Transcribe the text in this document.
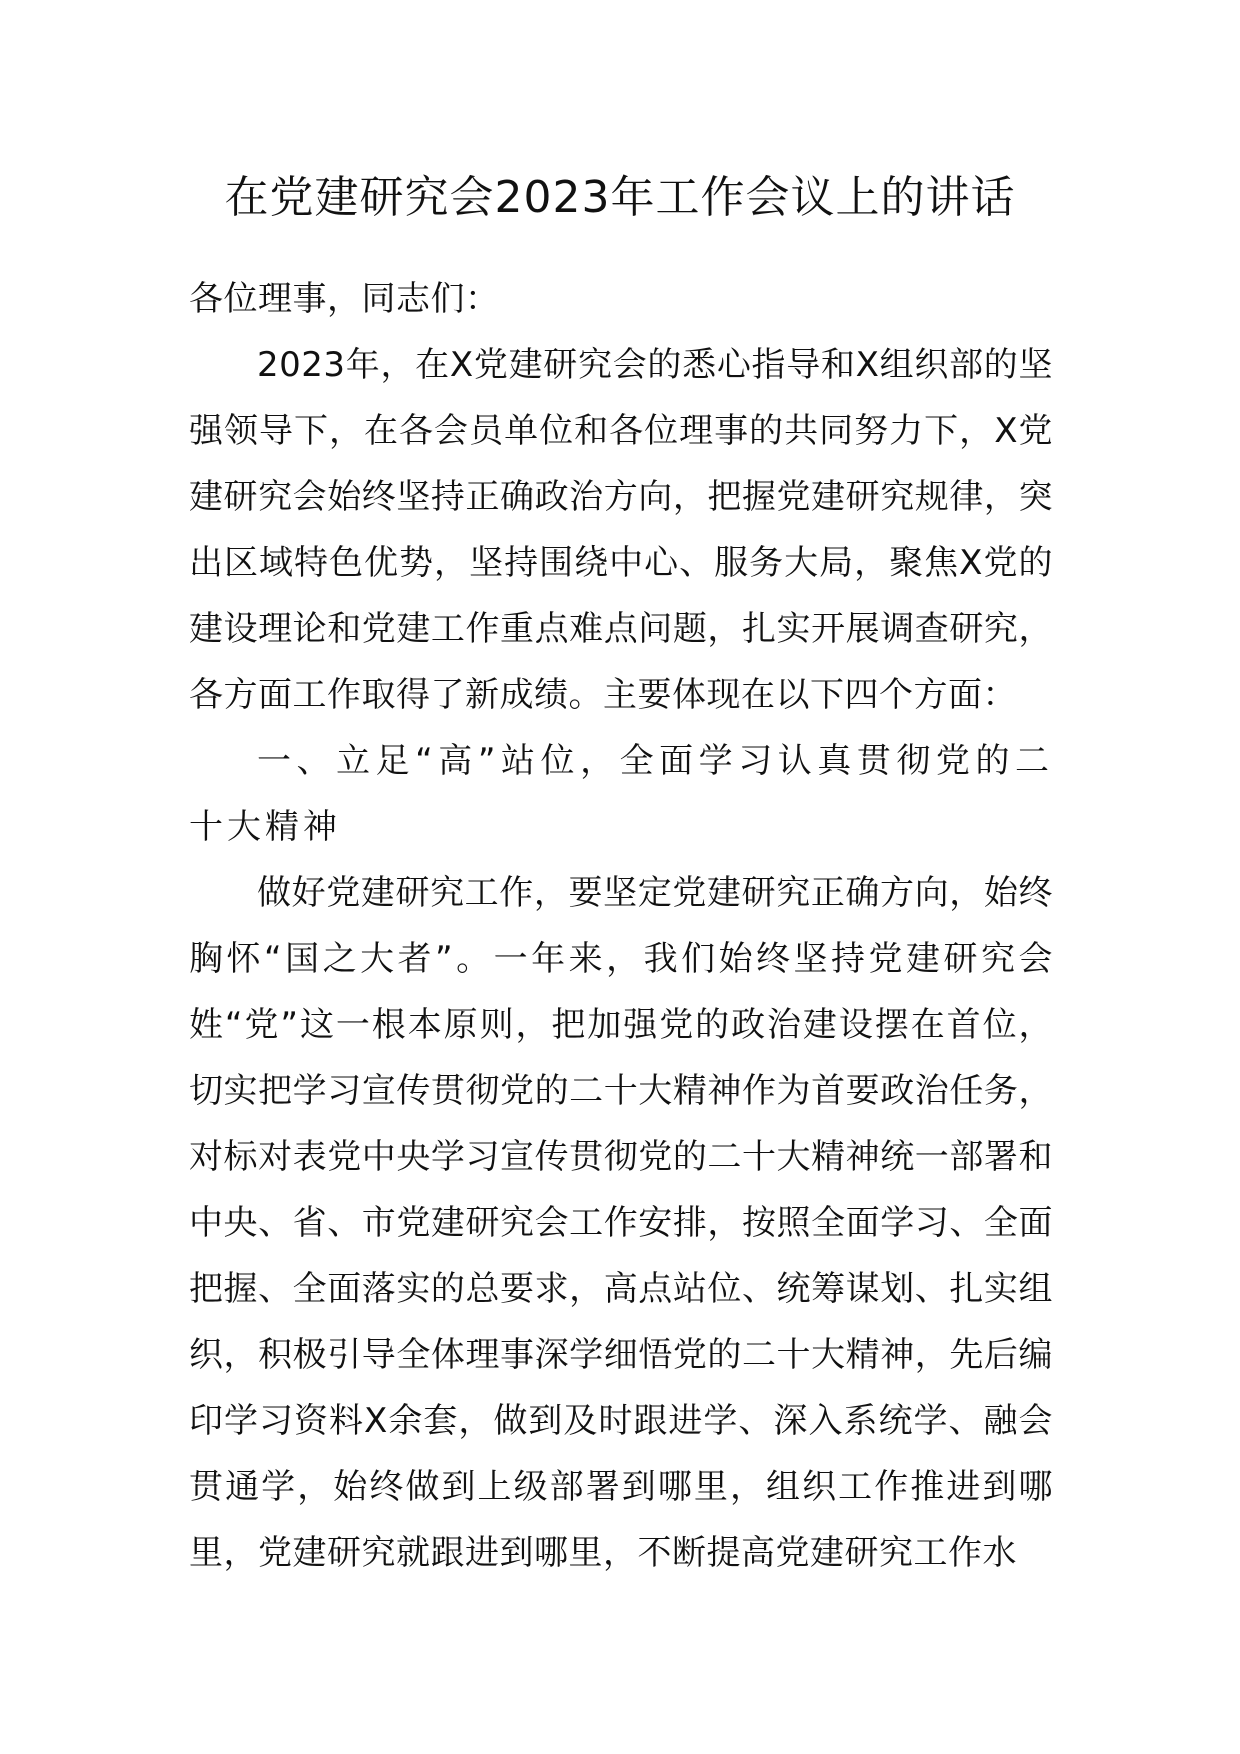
在党建研究会2023年工作会议上的讲话

各位理事，同志们：

2023年，在X党建研究会的悉心指导和X组织部的坚强领导下，在各会员单位和各位理事的共同努力下，X党建研究会始终坚持正确政治方向，把握党建研究规律，突出区域特色优势，坚持围绕中心、服务大局，聚焦X党的建设理论和党建工作重点难点问题，扎实开展调查研究，各方面工作取得了新成绩。主要体现在以下四个方面：

一、立足“高”站位，全面学习认真贯彻党的二十大精神

做好党建研究工作，要坚定党建研究正确方向，始终胸怀“国之大者”。一年来，我们始终坚持党建研究会姓“党”这一根本原则，把加强党的政治建设摆在首位，切实把学习宣传贯彻党的二十大精神作为首要政治任务，对标对表党中央学习宣传贯彻党的二十大精神统一部署和中央、省、市党建研究会工作安排，按照全面学习、全面把握、全面落实的总要求，高点站位、统筹谋划、扎实组织，积极引导全体理事深学细悟党的二十大精神，先后编印学习资料X余套，做到及时跟进学、深入系统学、融会贯通学，始终做到上级部署到哪里，组织工作推进到哪里，党建研究就跟进到哪里，不断提高党建研究工作水
